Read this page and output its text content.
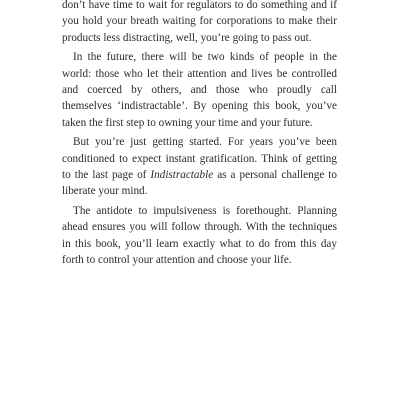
don’t have time to wait for regulators to do something and if you hold your breath waiting for corporations to make their products less distracting, well, you’re going to pass out.

In the future, there will be two kinds of people in the world: those who let their attention and lives be controlled and coerced by others, and those who proudly call themselves ‘indistractable’. By opening this book, you’ve taken the first step to owning your time and your future.

But you’re just getting started. For years you’ve been conditioned to expect instant gratification. Think of getting to the last page of Indistractable as a personal challenge to liberate your mind.

The antidote to impulsiveness is forethought. Planning ahead ensures you will follow through. With the techniques in this book, you’ll learn exactly what to do from this day forth to control your attention and choose your life.
